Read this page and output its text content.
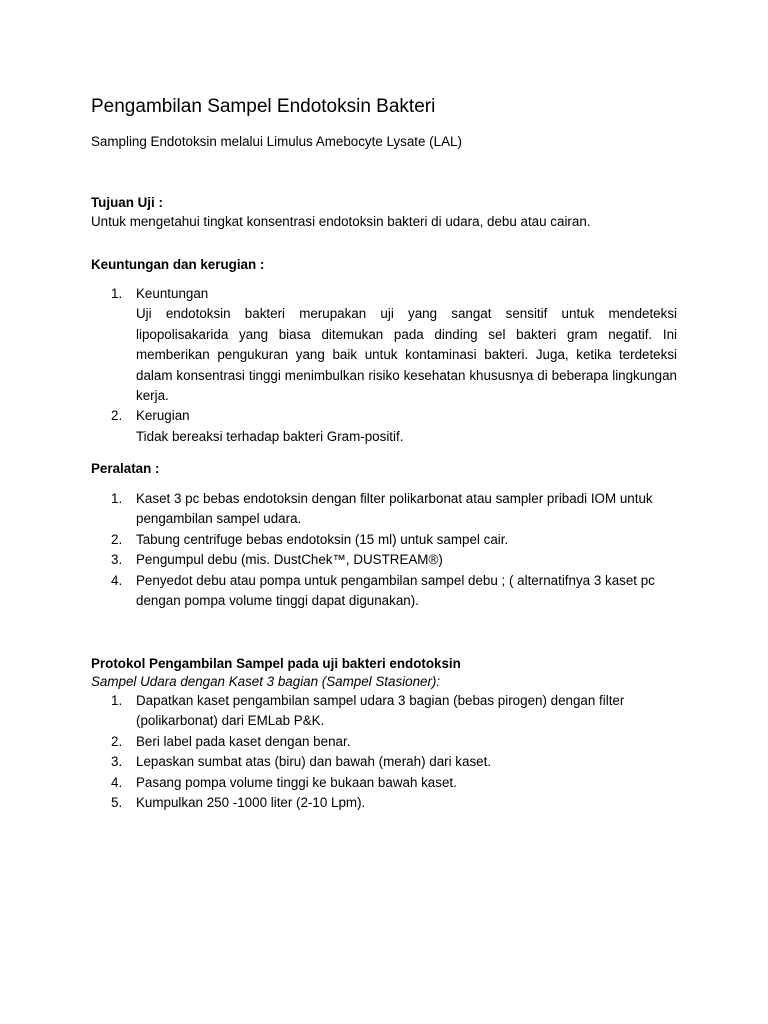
Pengambilan Sampel Endotoksin Bakteri

Sampling Endotoksin melalui Limulus Amebocyte Lysate (LAL)

Tujuan Uji :

Untuk mengetahui tingkat konsentrasi endotoksin bakteri di udara, debu atau cairan.

Keuntungan dan kerugian :

1. Keuntungan
Uji endotoksin bakteri merupakan uji yang sangat sensitif untuk mendeteksi lipopolisakarida yang biasa ditemukan pada dinding sel bakteri gram negatif. Ini memberikan pengukuran yang baik untuk kontaminasi bakteri. Juga, ketika terdeteksi dalam konsentrasi tinggi menimbulkan risiko kesehatan khususnya di beberapa lingkungan kerja.
2. Kerugian
Tidak bereaksi terhadap bakteri Gram-positif.

Peralatan :

1. Kaset 3 pc bebas endotoksin dengan filter polikarbonat atau sampler pribadi IOM untuk pengambilan sampel udara.
2. Tabung centrifuge bebas endotoksin (15 ml) untuk sampel cair.
3. Pengumpul debu (mis. DustChek™, DUSTREAM®)
4. Penyedot debu atau pompa untuk pengambilan sampel debu ; ( alternatifnya 3 kaset pc dengan pompa volume tinggi dapat digunakan).

Protokol Pengambilan Sampel pada uji bakteri endotoksin

Sampel Udara dengan Kaset 3 bagian (Sampel Stasioner):

1. Dapatkan kaset pengambilan sampel udara 3 bagian (bebas pirogen) dengan filter (polikarbonat) dari EMLab P&K.
2. Beri label pada kaset dengan benar.
3. Lepaskan sumbat atas (biru) dan bawah (merah) dari kaset.
4. Pasang pompa volume tinggi ke bukaan bawah kaset.
5. Kumpulkan 250 -1000 liter (2-10 Lpm).
